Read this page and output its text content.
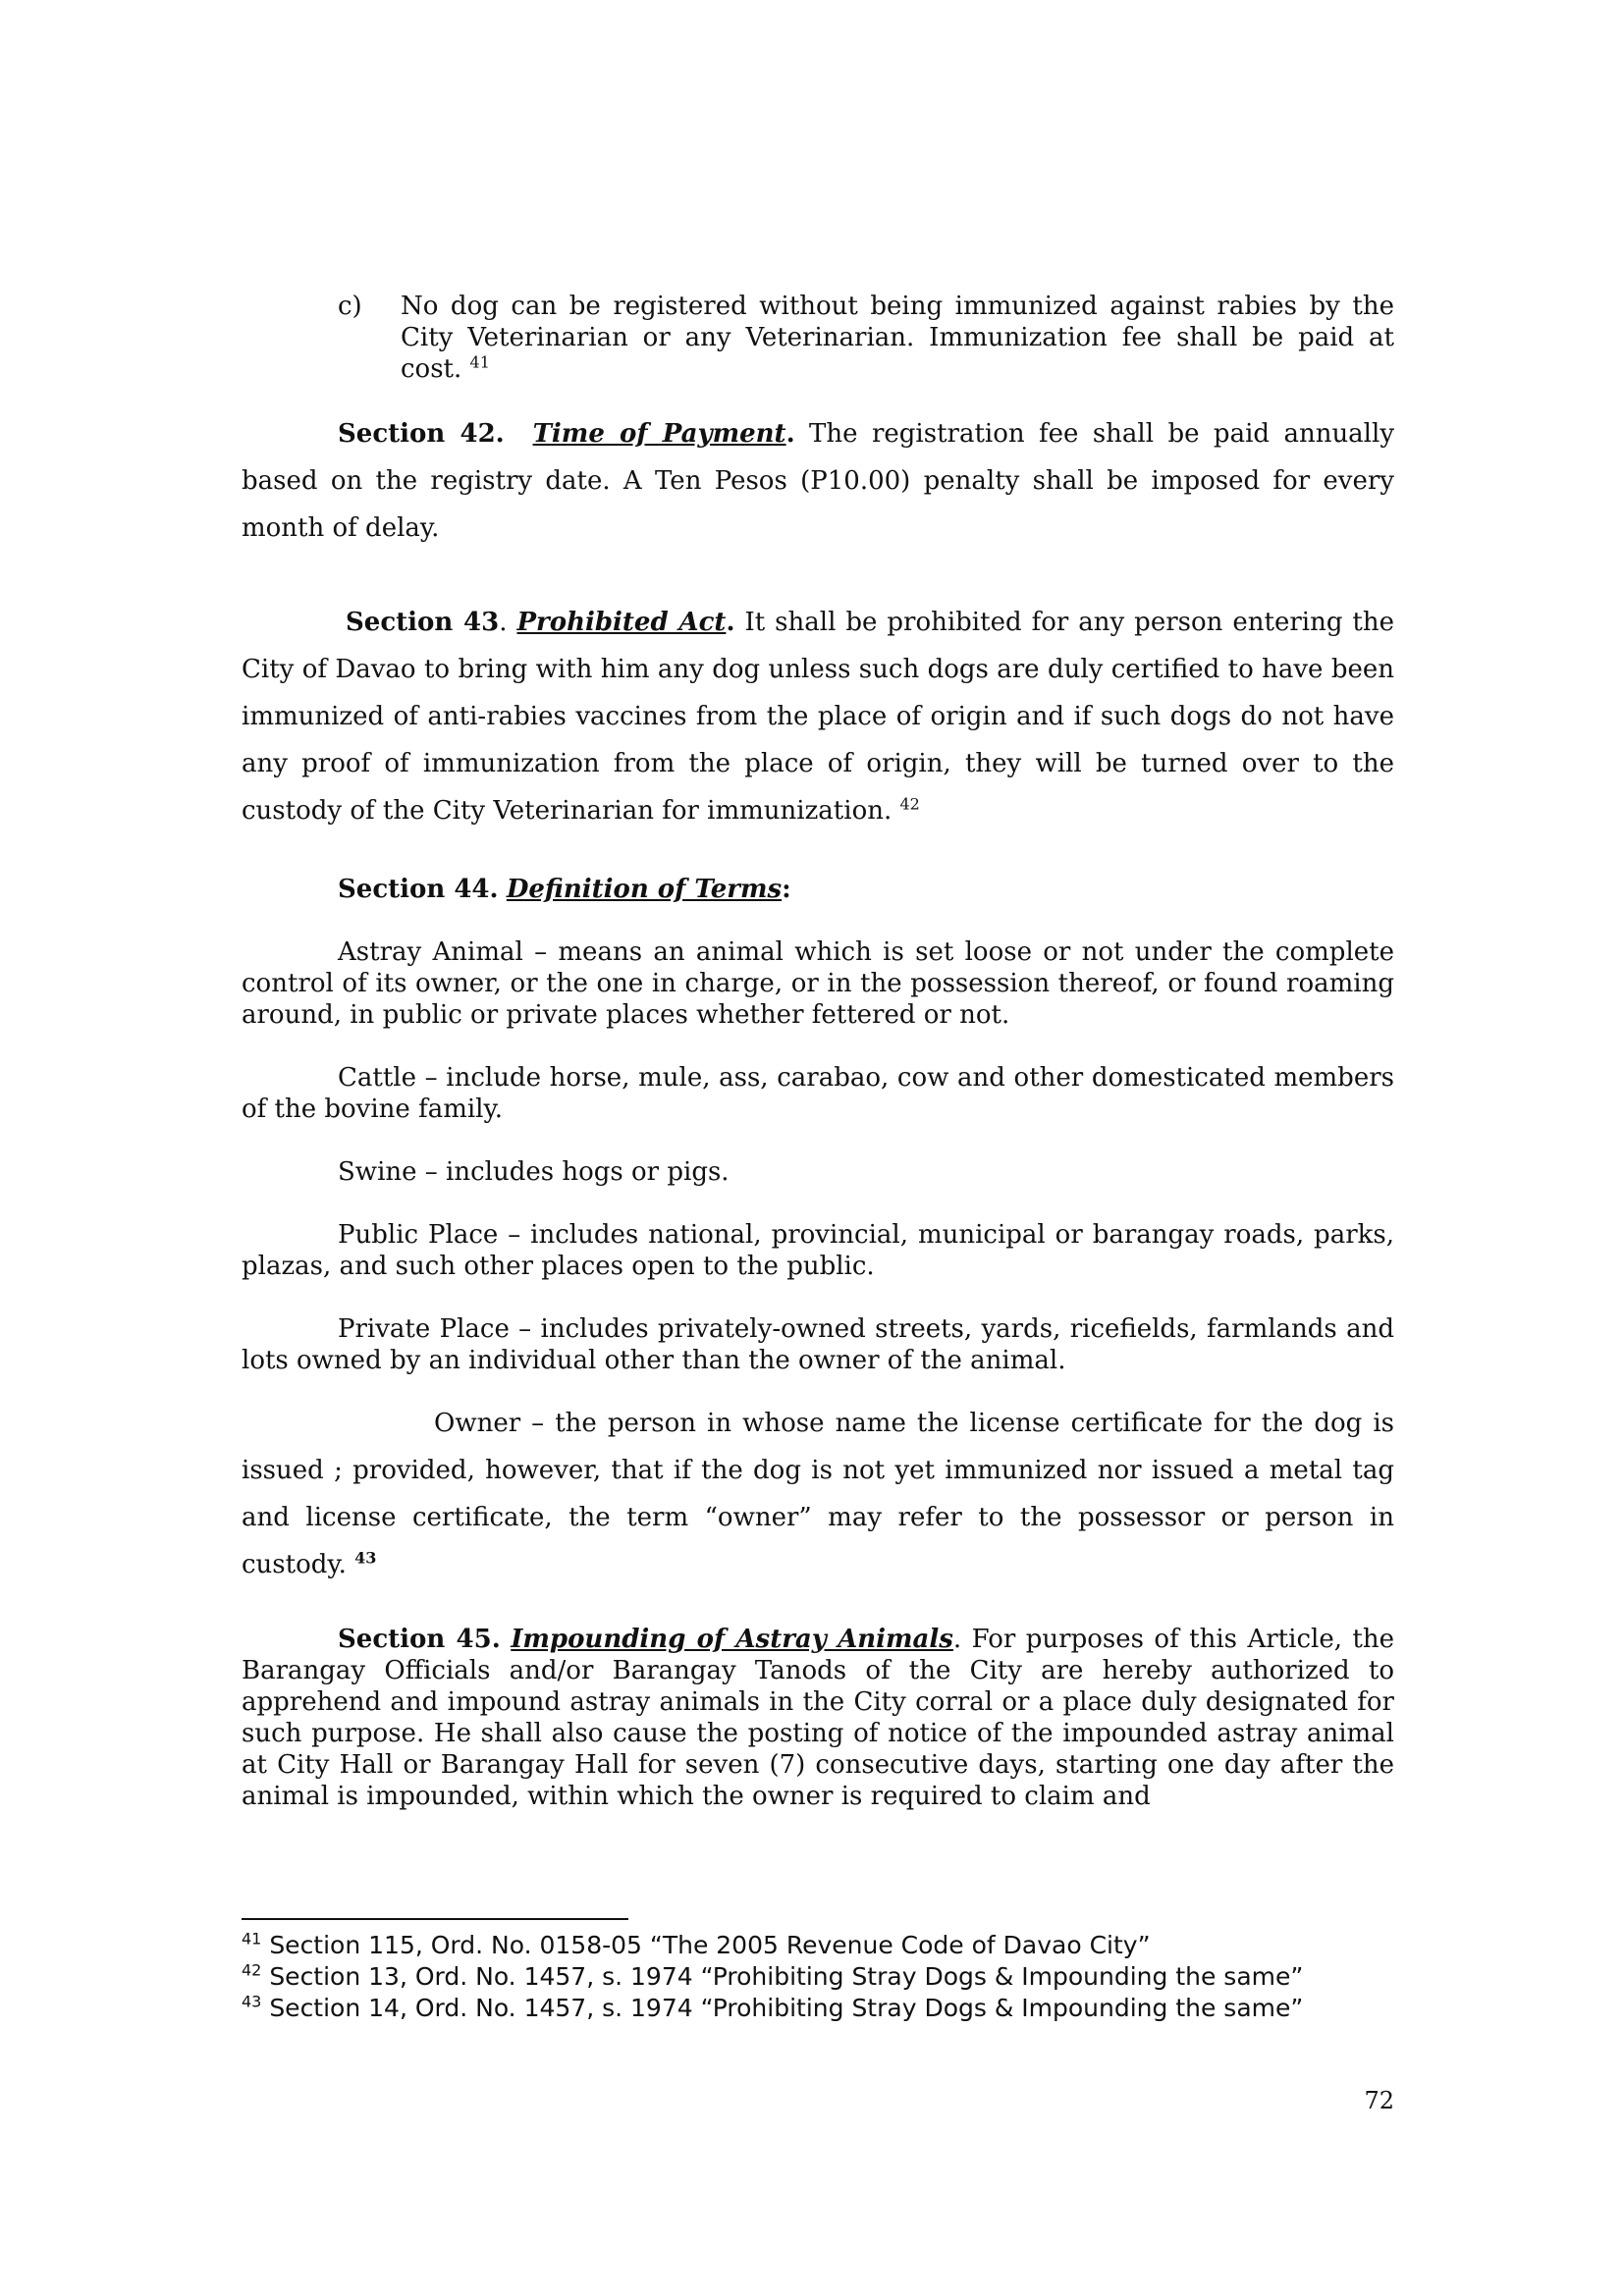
c) No dog can be registered without being immunized against rabies by the City Veterinarian or any Veterinarian. Immunization fee shall be paid at cost. $^{41}$
Section 42. Time of Payment. The registration fee shall be paid annually based on the registry date. A Ten Pesos (P10.00) penalty shall be imposed for every month of delay.
Section 43. Prohibited Act. It shall be prohibited for any person entering the City of Davao to bring with him any dog unless such dogs are duly certified to have been immunized of anti-rabies vaccines from the place of origin and if such dogs do not have any proof of immunization from the place of origin, they will be turned over to the custody of the City Veterinarian for immunization. $^{42}$
Section 44. Definition of Terms:
Astray Animal – means an animal which is set loose or not under the complete control of its owner, or the one in charge, or in the possession thereof, or found roaming around, in public or private places whether fettered or not.
Cattle – include horse, mule, ass, carabao, cow and other domesticated members of the bovine family.
Swine – includes hogs or pigs.
Public Place – includes national, provincial, municipal or barangay roads, parks, plazas, and such other places open to the public.
Private Place – includes privately-owned streets, yards, ricefields, farmlands and lots owned by an individual other than the owner of the animal.
Owner – the person in whose name the license certificate for the dog is issued ; provided, however, that if the dog is not yet immunized nor issued a metal tag and license certificate, the term “owner” may refer to the possessor or person in custody. $^{43}$
Section 45. Impounding of Astray Animals. For purposes of this Article, the Barangay Officials and/or Barangay Tanods of the City are hereby authorized to apprehend and impound astray animals in the City corral or a place duly designated for such purpose. He shall also cause the posting of notice of the impounded astray animal at City Hall or Barangay Hall for seven (7) consecutive days, starting one day after the animal is impounded, within which the owner is required to claim and
$^{41}$ Section 115, Ord. No. 0158-05 “The 2005 Revenue Code of Davao City”
$^{42}$ Section 13, Ord. No. 1457, s. 1974 “Prohibiting Stray Dogs & Impounding the same”
$^{43}$ Section 14, Ord. No. 1457, s. 1974 “Prohibiting Stray Dogs & Impounding the same”
72
